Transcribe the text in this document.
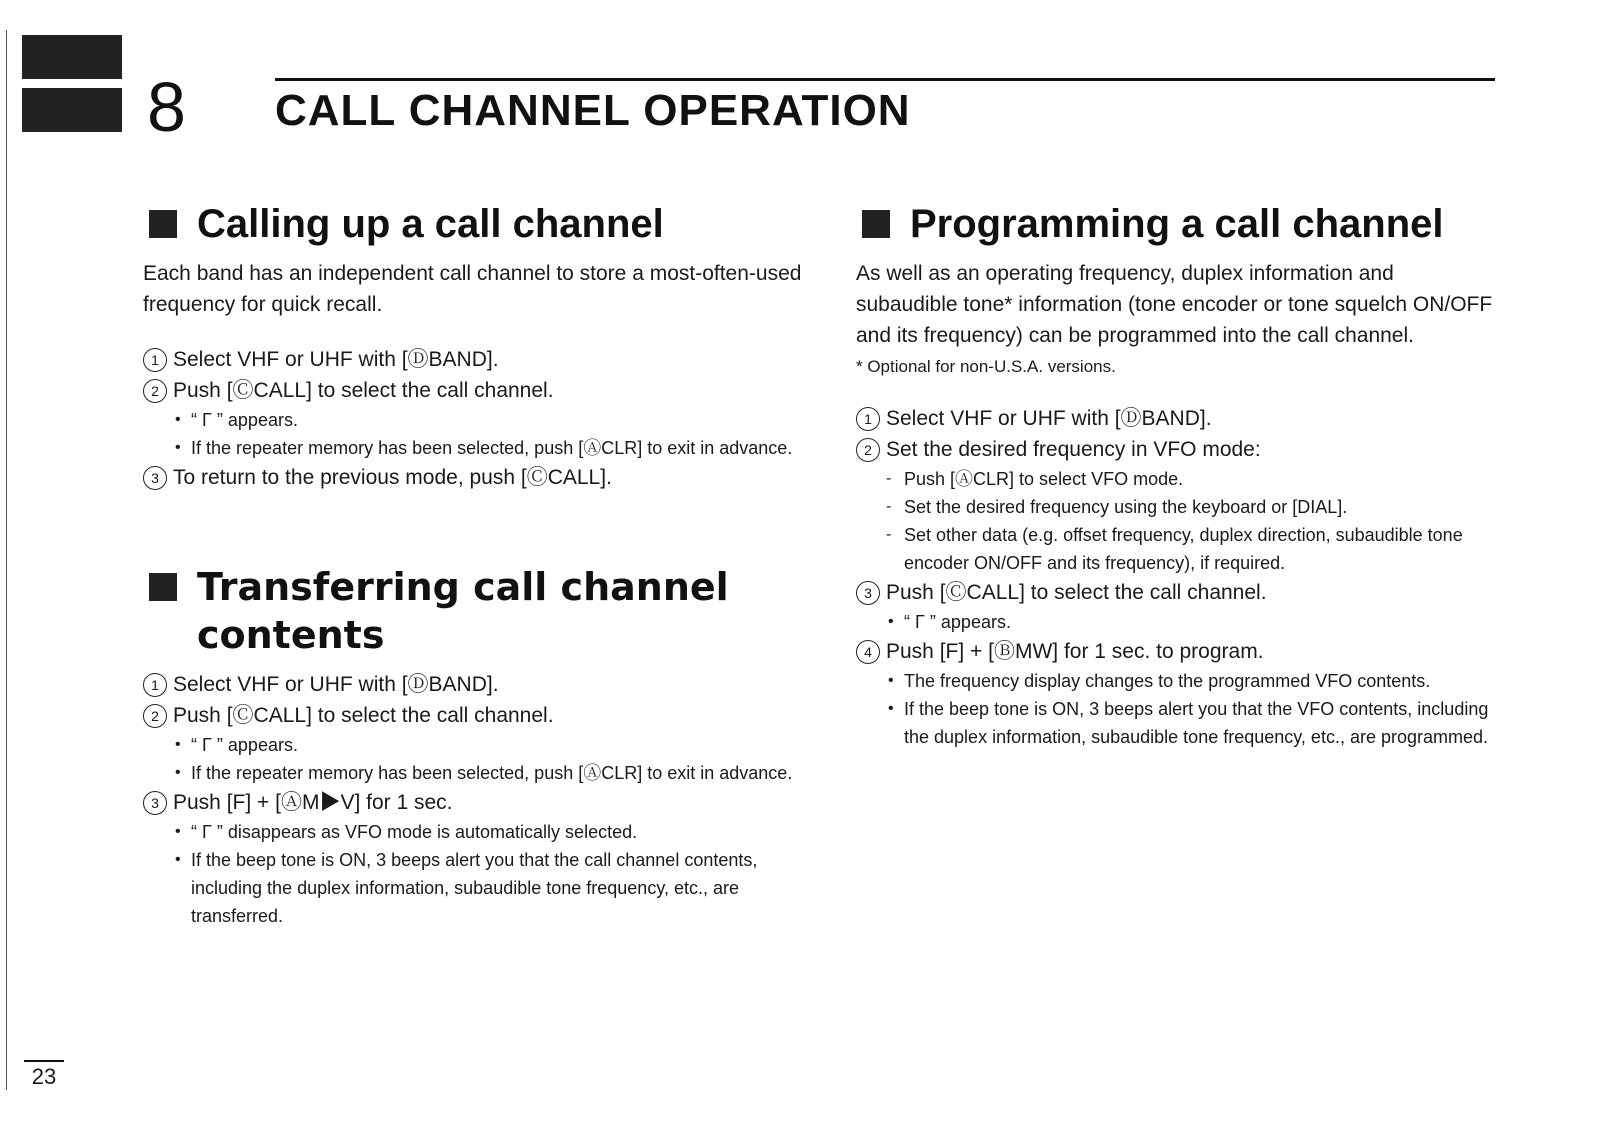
8 CALL CHANNEL OPERATION
Calling up a call channel
Each band has an independent call channel to store a most-often-used frequency for quick recall.
1 Select VHF or UHF with [ⒹBAND].
2 Push [ⒸCALL] to select the call channel.
• “ Γ ” appears.
• If the repeater memory has been selected, push [ⒶCLR] to exit in advance.
3 To return to the previous mode, push [ⒸCALL].
Transferring call channel contents
1 Select VHF or UHF with [ⒹBAND].
2 Push [ⒸCALL] to select the call channel.
• “ Γ ” appears.
• If the repeater memory has been selected, push [ⒶCLR] to exit in advance.
3 Push [F] + [ⒶM▶V] for 1 sec.
• “ Γ ” disappears as VFO mode is automatically selected.
• If the beep tone is ON, 3 beeps alert you that the call channel contents, including the duplex information, subaudible tone frequency, etc., are transferred.
Programming a call channel
As well as an operating frequency, duplex information and subaudible tone* information (tone encoder or tone squelch ON/OFF and its frequency) can be programmed into the call channel.
* Optional for non-U.S.A. versions.
1 Select VHF or UHF with [ⒹBAND].
2 Set the desired frequency in VFO mode:
- Push [ⒶCLR] to select VFO mode.
- Set the desired frequency using the keyboard or [DIAL].
- Set other data (e.g. offset frequency, duplex direction, subaudible tone encoder ON/OFF and its frequency), if required.
3 Push [ⒸCALL] to select the call channel.
• “ Γ ” appears.
4 Push [F] + [ⒷMW] for 1 sec. to program.
• The frequency display changes to the programmed VFO contents.
• If the beep tone is ON, 3 beeps alert you that the VFO contents, including the duplex information, subaudible tone frequency, etc., are programmed.
23
